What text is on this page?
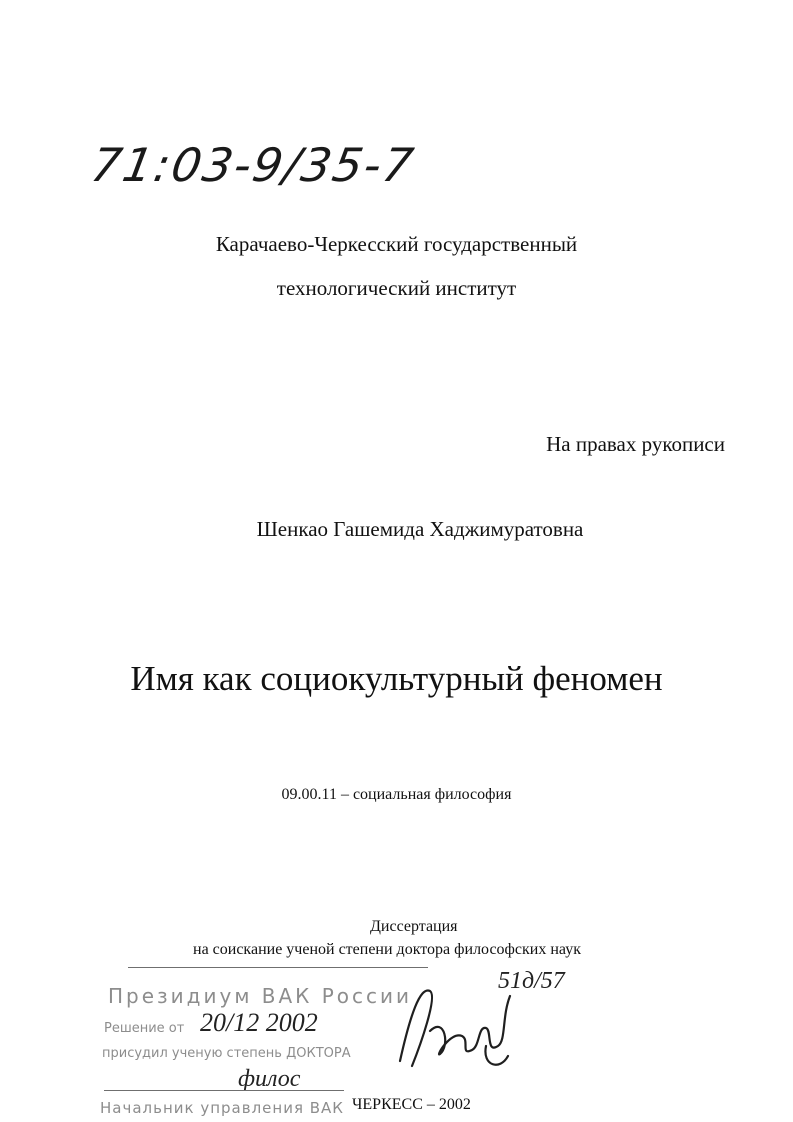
71:03-9/35-7
Карачаево-Черкесский государственный
технологический институт
На правах рукописи
Шенкао Гашемида Хаджимуратовна
Имя как социокультурный феномен
09.00.11 – социальная философия
Диссертация
на соискание ученой степени доктора философских наук
Президиум ВАК России
Решение от 20/12 2002
присудил ученую степень ДОКТОРА
филос
Начальник управления ВАК
51д/57
ЧЕРКЕСС – 2002
